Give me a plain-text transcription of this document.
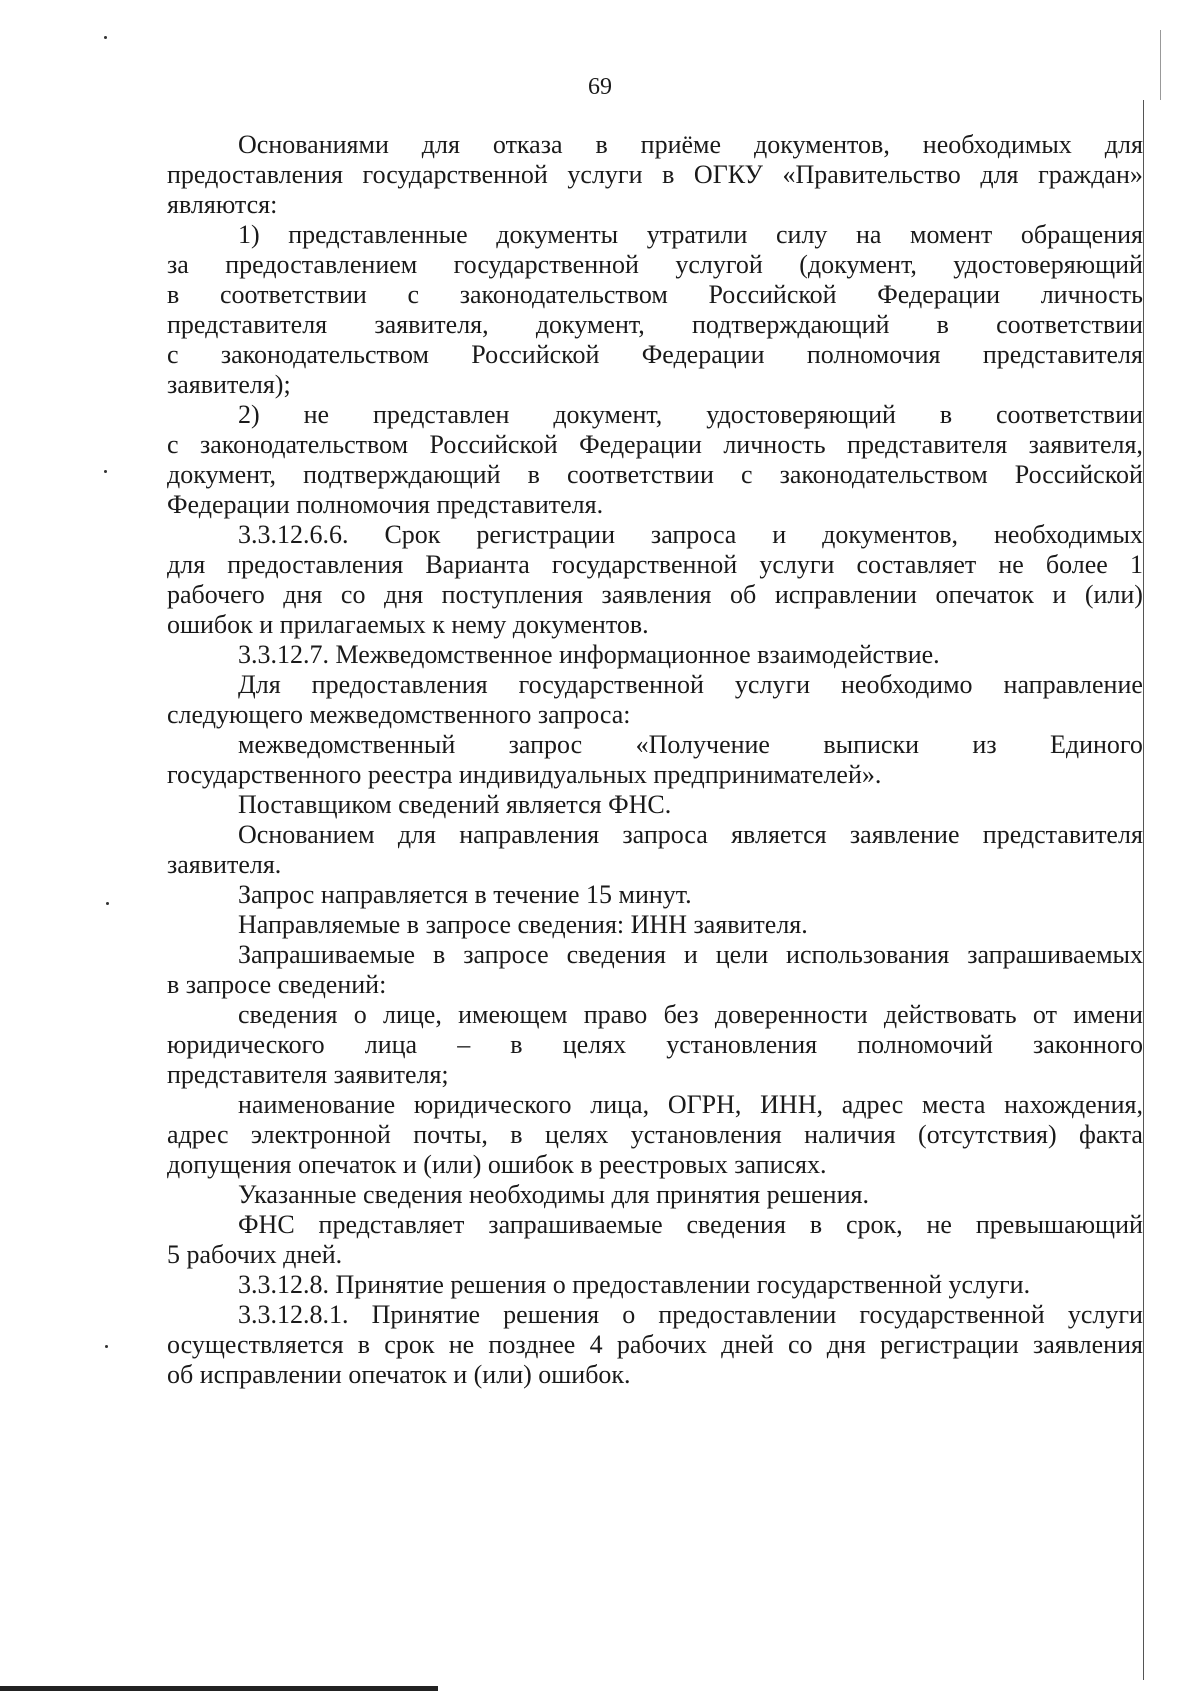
69
Основаниями для отказа в приёме документов, необходимых для
предоставления государственной услуги в ОГКУ «Правительство для граждан»
являются:
1) представленные документы утратили силу на момент обращения
за предоставлением государственной услугой (документ, удостоверяющий
в соответствии с законодательством Российской Федерации личность
представителя заявителя, документ, подтверждающий в соответствии
с законодательством Российской Федерации полномочия представителя
заявителя);
2) не представлен документ, удостоверяющий в соответствии
с законодательством Российской Федерации личность представителя заявителя,
документ, подтверждающий в соответствии с законодательством Российской
Федерации полномочия представителя.
3.3.12.6.6. Срок регистрации запроса и документов, необходимых
для предоставления Варианта государственной услуги составляет не более 1
рабочего дня со дня поступления заявления об исправлении опечаток и (или)
ошибок и прилагаемых к нему документов.
3.3.12.7. Межведомственное информационное взаимодействие.
Для предоставления государственной услуги необходимо направление
следующего межведомственного запроса:
межведомственный запрос «Получение выписки из Единого
государственного реестра индивидуальных предпринимателей».
Поставщиком сведений является ФНС.
Основанием для направления запроса является заявление представителя
заявителя.
Запрос направляется в течение 15 минут.
Направляемые в запросе сведения: ИНН заявителя.
Запрашиваемые в запросе сведения и цели использования запрашиваемых
в запросе сведений:
сведения о лице, имеющем право без доверенности действовать от имени
юридического лица – в целях установления полномочий законного
представителя заявителя;
наименование юридического лица, ОГРН, ИНН, адрес места нахождения,
адрес электронной почты, в целях установления наличия (отсутствия) факта
допущения опечаток и (или) ошибок в реестровых записях.
Указанные сведения необходимы для принятия решения.
ФНС представляет запрашиваемые сведения в срок, не превышающий
5 рабочих дней.
3.3.12.8. Принятие решения о предоставлении государственной услуги.
3.3.12.8.1. Принятие решения о предоставлении государственной услуги
осуществляется в срок не позднее 4 рабочих дней со дня регистрации заявления
об исправлении опечаток и (или) ошибок.
